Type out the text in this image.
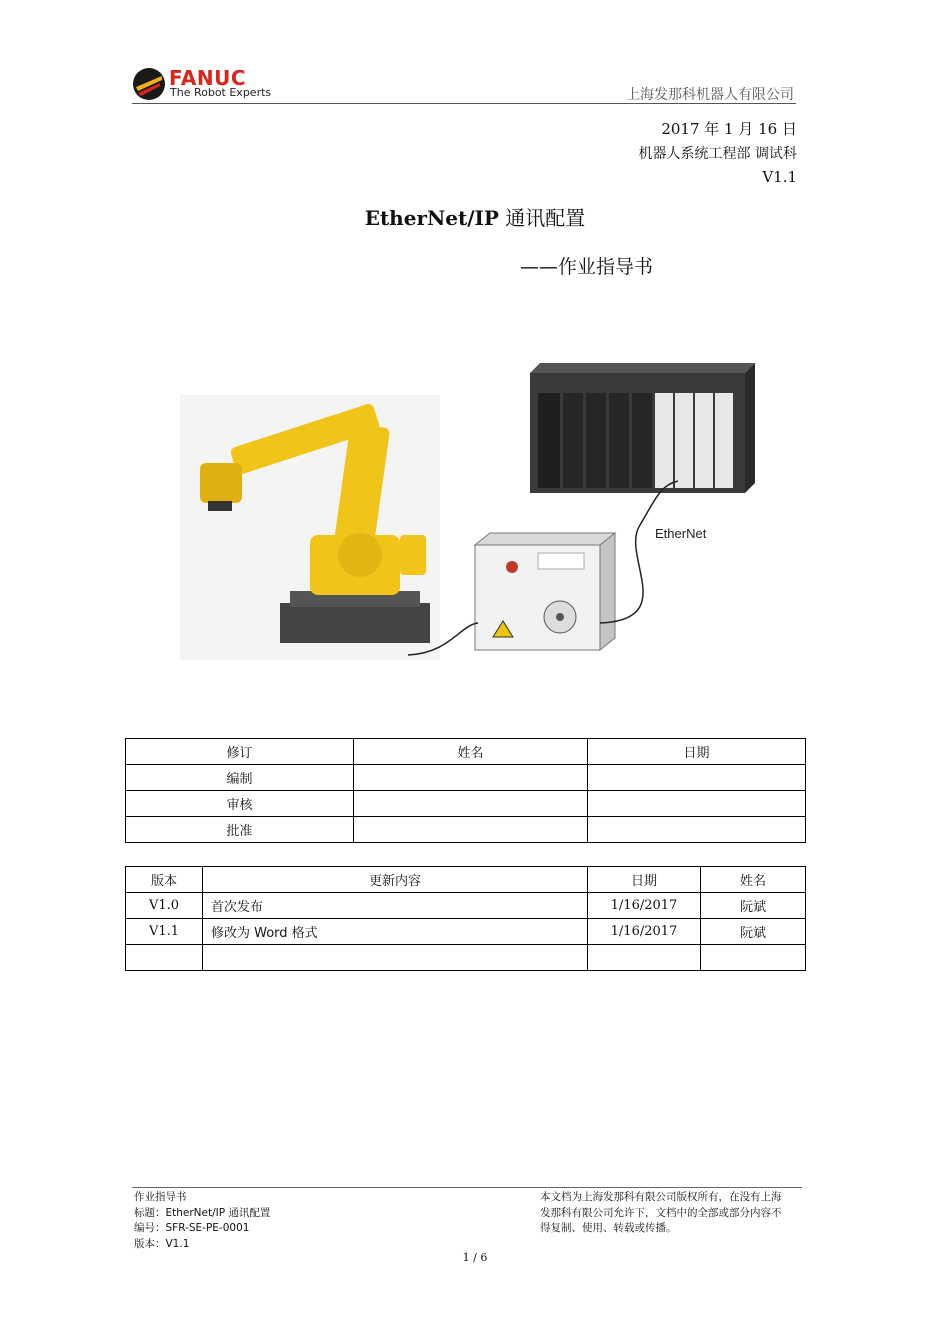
FANUC
The Robot Experts	上海发那科机器人有限公司
2017 年 1 月 16 日
机器人系统工程部 调试科
V1.1
EtherNet/IP 通讯配置
——作业指导书
EtherNet
修订	姓名	日期
编制		
审核		
批准		
版本	更新内容	日期	姓名
V1.0	首次发布	1/16/2017	阮斌
V1.1	修改为 Word 格式	1/16/2017	阮斌

作业指导书
标题：EtherNet/IP 通讯配置
编号：SFR-SE-PE-0001
版本：V1.1
本文档为上海发那科有限公司版权所有，在没有上海发那科有限公司允许下，文档中的全部或部分内容不得复制、使用、转载或传播。
1 / 6
